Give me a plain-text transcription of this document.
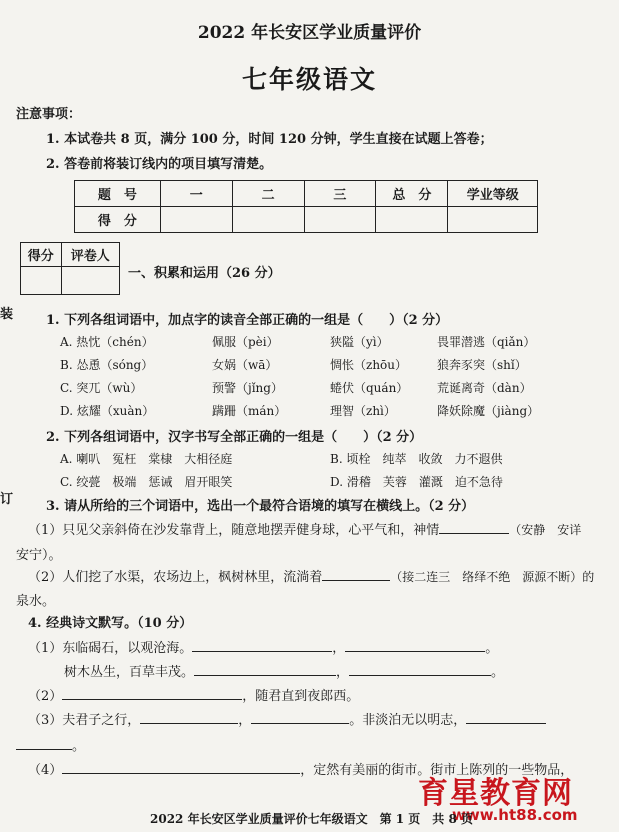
装
订
2022 年长安区学业质量评价
七年级语文
注意事项：
1. 本试卷共 8 页，满分 100 分，时间 120 分钟，学生直接在试题上答卷；
2. 答卷前将装订线内的项目填写清楚。
题　号	一	二	三	总　分	学业等级
得　分					
得分	评卷人

一、积累和运用（26 分）
1. 下列各组词语中，加点字的读音全部正确的一组是（　　）（2 分）
A. 热忱（chén）	佩服（pèi）	狭隘（yì）	畏罪潜逃（qiǎn）
B. 怂恿（sóng）	女娲（wā）	惆怅（zhōu） 狼奔豕突（shǐ）
C. 突兀（wù）	预警（jǐng）	蜷伏（quán） 荒诞离奇（dàn）
D. 炫耀（xuàn）	蹒跚（mán）	理智（zhì）	降妖除魔（jiàng）
2. 下列各组词语中，汉字书写全部正确的一组是（　　）（2 分）
A. 喇叭　冤枉　棠棣　大相径庭	B. 顷栓　纯萃　收敛　力不遐供
C. 绞甍　极端　惩诫　眉开眼笑	D. 滑稽　芙蓉　灌溉　迫不急待
3. 请从所给的三个词语中，选出一个最符合语境的填写在横线上。（2 分）
（1）只见父亲斜倚在沙发靠背上，随意地摆弄健身球，心平气和，神情	（安静　安详
安宁）。
（2）人们挖了水渠，农场边上，枫树林里，流淌着	（接二连三　络绎不绝　源源不断）的
泉水。
4. 经典诗文默写。（10 分）
（1）东临碣石，以观沧海。	，	。
树木丛生，百草丰茂。	，	。
（2）	，随君直到夜郎西。
（3）夫君子之行，	，	。非淡泊无以明志，
。
（4）	，定然有美丽的街市。街市上陈列的一些物品，
育星教育网
www.ht88.com
2022 年长安区学业质量评价七年级语文　第 1 页　共 8 页
